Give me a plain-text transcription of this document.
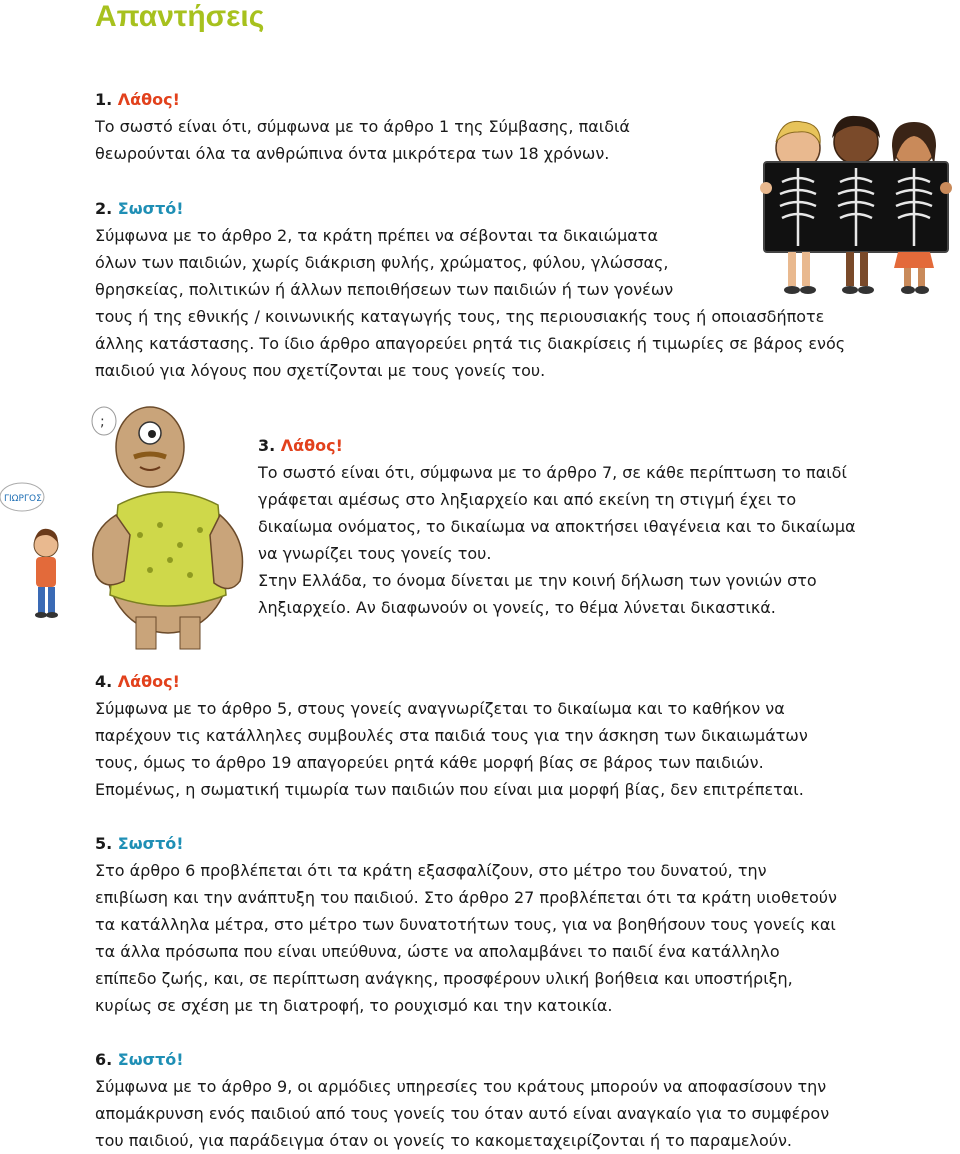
Απαντήσεις

1. Λάθος!

Το σωστό είναι ότι, σύμφωνα με το άρθρο 1 της Σύμβασης, παιδιά

θεωρούνται όλα τα ανθρώπινα όντα μικρότερα των 18 χρόνων.

2. Σωστό!

Σύμφωνα με το άρθρο 2, τα κράτη πρέπει να σέβονται τα δικαιώματα

όλων των παιδιών, χωρίς διάκριση φυλής, χρώματος, φύλου, γλώσσας,

θρησκείας, πολιτικών ή άλλων πεποιθήσεων των παιδιών ή των γονέων

τους ή της εθνικής / κοινωνικής καταγωγής τους, της περιουσιακής τους ή οποιασδήποτε

άλλης κατάστασης. Το ίδιο άρθρο απαγορεύει ρητά τις διακρίσεις ή τιμωρίες σε βάρος ενός

παιδιού για λόγους που σχετίζονται με τους γονείς του.

3. Λάθος!

Το σωστό είναι ότι, σύμφωνα με το άρθρο 7, σε κάθε περίπτωση το παιδί

γράφεται αμέσως στο ληξιαρχείο και από εκείνη τη στιγμή έχει το

δικαίωμα ονόματος, το δικαίωμα να αποκτήσει ιθαγένεια και το δικαίωμα

να γνωρίζει τους γονείς του.

Στην Ελλάδα, το όνομα δίνεται με την κοινή δήλωση των γονιών στο

ληξιαρχείο. Αν διαφωνούν οι γονείς, το θέμα λύνεται δικαστικά.

4. Λάθος!

Σύμφωνα με το άρθρο 5, στους γονείς αναγνωρίζεται το δικαίωμα και το καθήκον να

παρέχουν τις κατάλληλες συμβουλές στα παιδιά τους για την άσκηση των δικαιωμάτων

τους, όμως το άρθρο 19 απαγορεύει ρητά κάθε μορφή βίας σε βάρος των παιδιών.

Επομένως, η σωματική τιμωρία των παιδιών που είναι μια μορφή βίας, δεν επιτρέπεται.

5. Σωστό!

Στο άρθρο 6 προβλέπεται ότι τα κράτη εξασφαλίζουν, στο μέτρο του δυνατού, την

επιβίωση και την ανάπτυξη του παιδιού. Στο άρθρο 27 προβλέπεται ότι τα κράτη υιοθετούν

τα κατάλληλα μέτρα, στο μέτρο των δυνατοτήτων τους, για να βοηθήσουν τους γονείς και

τα άλλα πρόσωπα που είναι υπεύθυνα, ώστε να απολαμβάνει το παιδί ένα κατάλληλο

επίπεδο ζωής, και, σε περίπτωση ανάγκης, προσφέρουν υλική βοήθεια και υποστήριξη,

κυρίως σε σχέση με τη διατροφή, το ρουχισμό και την κατοικία.

6. Σωστό!

Σύμφωνα με το άρθρο 9, οι αρμόδιες υπηρεσίες του κράτους μπορούν να αποφασίσουν την

απομάκρυνση ενός παιδιού από τους γονείς του όταν αυτό είναι αναγκαίο για το συμφέρον

του παιδιού, για παράδειγμα όταν οι γονείς το κακομεταχειρίζονται ή το παραμελούν.

;
ΓΙΩΡΓΟΣ
